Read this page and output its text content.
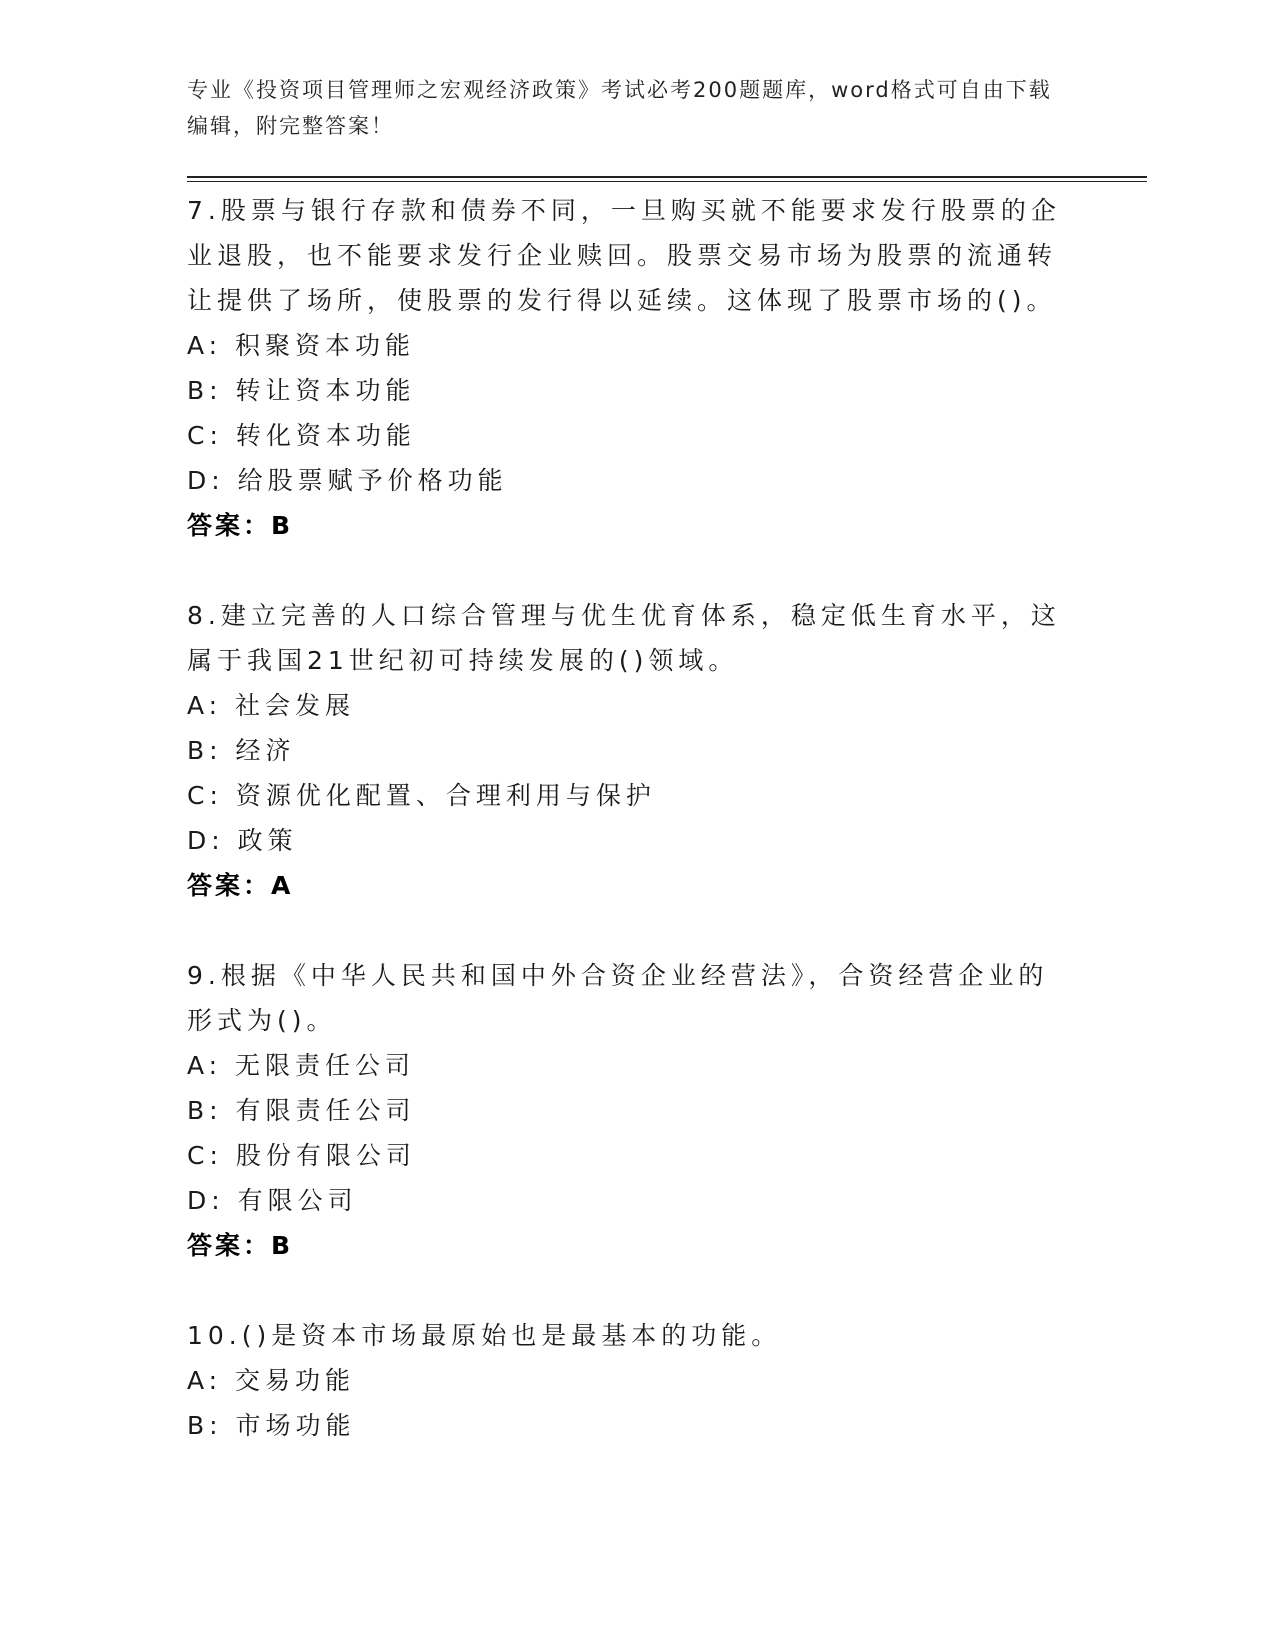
专业《投资项目管理师之宏观经济政策》考试必考200题题库，word格式可自由下载编辑，附完整答案！
7.股票与银行存款和债券不同，一旦购买就不能要求发行股票的企业退股，也不能要求发行企业赎回。股票交易市场为股票的流通转让提供了场所，使股票的发行得以延续。这体现了股票市场的()。
A: 积聚资本功能
B: 转让资本功能
C: 转化资本功能
D: 给股票赋予价格功能
答案：B
8.建立完善的人口综合管理与优生优育体系，稳定低生育水平，这属于我国21世纪初可持续发展的()领域。
A: 社会发展
B: 经济
C: 资源优化配置、合理利用与保护
D: 政策
答案：A
9.根据《中华人民共和国中外合资企业经营法》，合资经营企业的形式为()。
A: 无限责任公司
B: 有限责任公司
C: 股份有限公司
D: 有限公司
答案：B
10.()是资本市场最原始也是最基本的功能。
A: 交易功能
B: 市场功能
